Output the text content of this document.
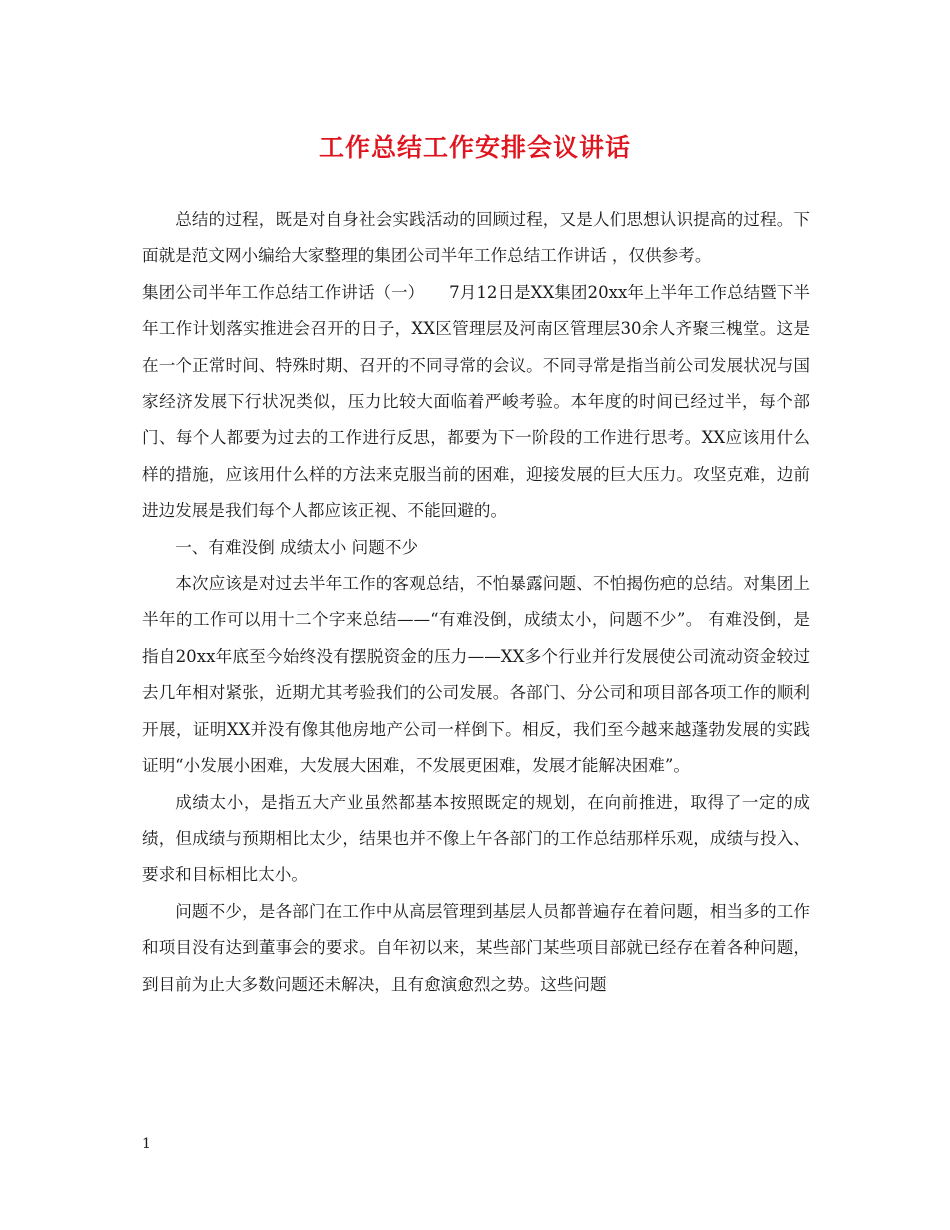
工作总结工作安排会议讲话

总结的过程，既是对自身社会实践活动的回顾过程，又是人们思想认识提高的过程。下面就是范文网小编给大家整理的集团公司半年工作总结工作讲话 ，仅供参考。

集团公司半年工作总结工作讲话（一）　　7月12日是XX集团20xx年上半年工作总结暨下半年工作计划落实推进会召开的日子，XX区管理层及河南区管理层30余人齐聚三槐堂。这是在一个正常时间、特殊时期、召开的不同寻常的会议。不同寻常是指当前公司发展状况与国家经济发展下行状况类似，压力比较大面临着严峻考验。本年度的时间已经过半，每个部门、每个人都要为过去的工作进行反思，都要为下一阶段的工作进行思考。XX应该用什么样的措施，应该用什么样的方法来克服当前的困难，迎接发展的巨大压力。攻坚克难，边前进边发展是我们每个人都应该正视、不能回避的。

一、有难没倒 成绩太小 问题不少

本次应该是对过去半年工作的客观总结，不怕暴露问题、不怕揭伤疤的总结。对集团上半年的工作可以用十二个字来总结——“有难没倒，成绩太小，问题不少”。 有难没倒，是指自20xx年底至今始终没有摆脱资金的压力——XX多个行业并行发展使公司流动资金较过去几年相对紧张，近期尤其考验我们的公司发展。各部门、分公司和项目部各项工作的顺利开展，证明XX并没有像其他房地产公司一样倒下。相反，我们至今越来越蓬勃发展的实践证明“小发展小困难，大发展大困难，不发展更困难，发展才能解决困难”。

成绩太小，是指五大产业虽然都基本按照既定的规划，在向前推进，取得了一定的成绩，但成绩与预期相比太少，结果也并不像上午各部门的工作总结那样乐观，成绩与投入、要求和目标相比太小。

问题不少，是各部门在工作中从高层管理到基层人员都普遍存在着问题，相当多的工作和项目没有达到董事会的要求。自年初以来，某些部门某些项目部就已经存在着各种问题，到目前为止大多数问题还未解决，且有愈演愈烈之势。这些问题

1
